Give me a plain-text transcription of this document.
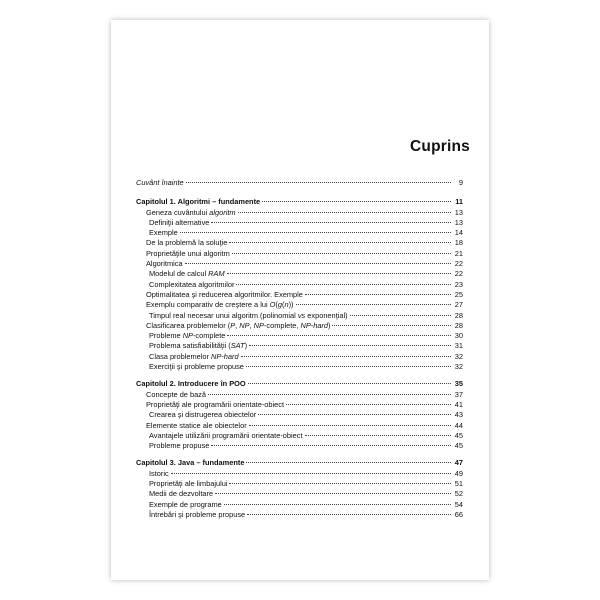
Cuprins
Cuvânt înainte	9
Capitolul 1. Algoritmi – fundamente	11
Geneza cuvântului algoritm	13
Definiţii alternative	13
Exemple	14
De la problemă la soluţie	18
Proprietăţile unui algoritm	21
Algoritmica	22
Modelul de calcul RAM	22
Complexitatea algoritmilor	23
Optimalitatea şi reducerea algoritmilor. Exemple	25
Exemplu comparativ de creştere a lui O(g(n))	27
Timpul real necesar unui algoritm (polinomial vs exponenţial)	28
Clasificarea problemelor (P, NP, NP-complete, NP-hard)	28
Probleme NP-complete	30
Problema satisfiabilităţii (SAT)	31
Clasa problemelor NP-hard	32
Exerciţii şi probleme propuse	32
Capitolul 2. Introducere în POO	35
Concepte de bază	37
Proprietăţi ale programării orientate-obiect	41
Crearea şi distrugerea obiectelor	43
Elemente statice ale obiectelor	44
Avantajele utilizării programării orientate-obiect	45
Probleme propuse	45
Capitolul 3. Java – fundamente	47
Istoric	49
Proprietăţi ale limbajului	51
Medii de dezvoltare	52
Exemple de programe	54
Întrebări şi probleme propuse	66
